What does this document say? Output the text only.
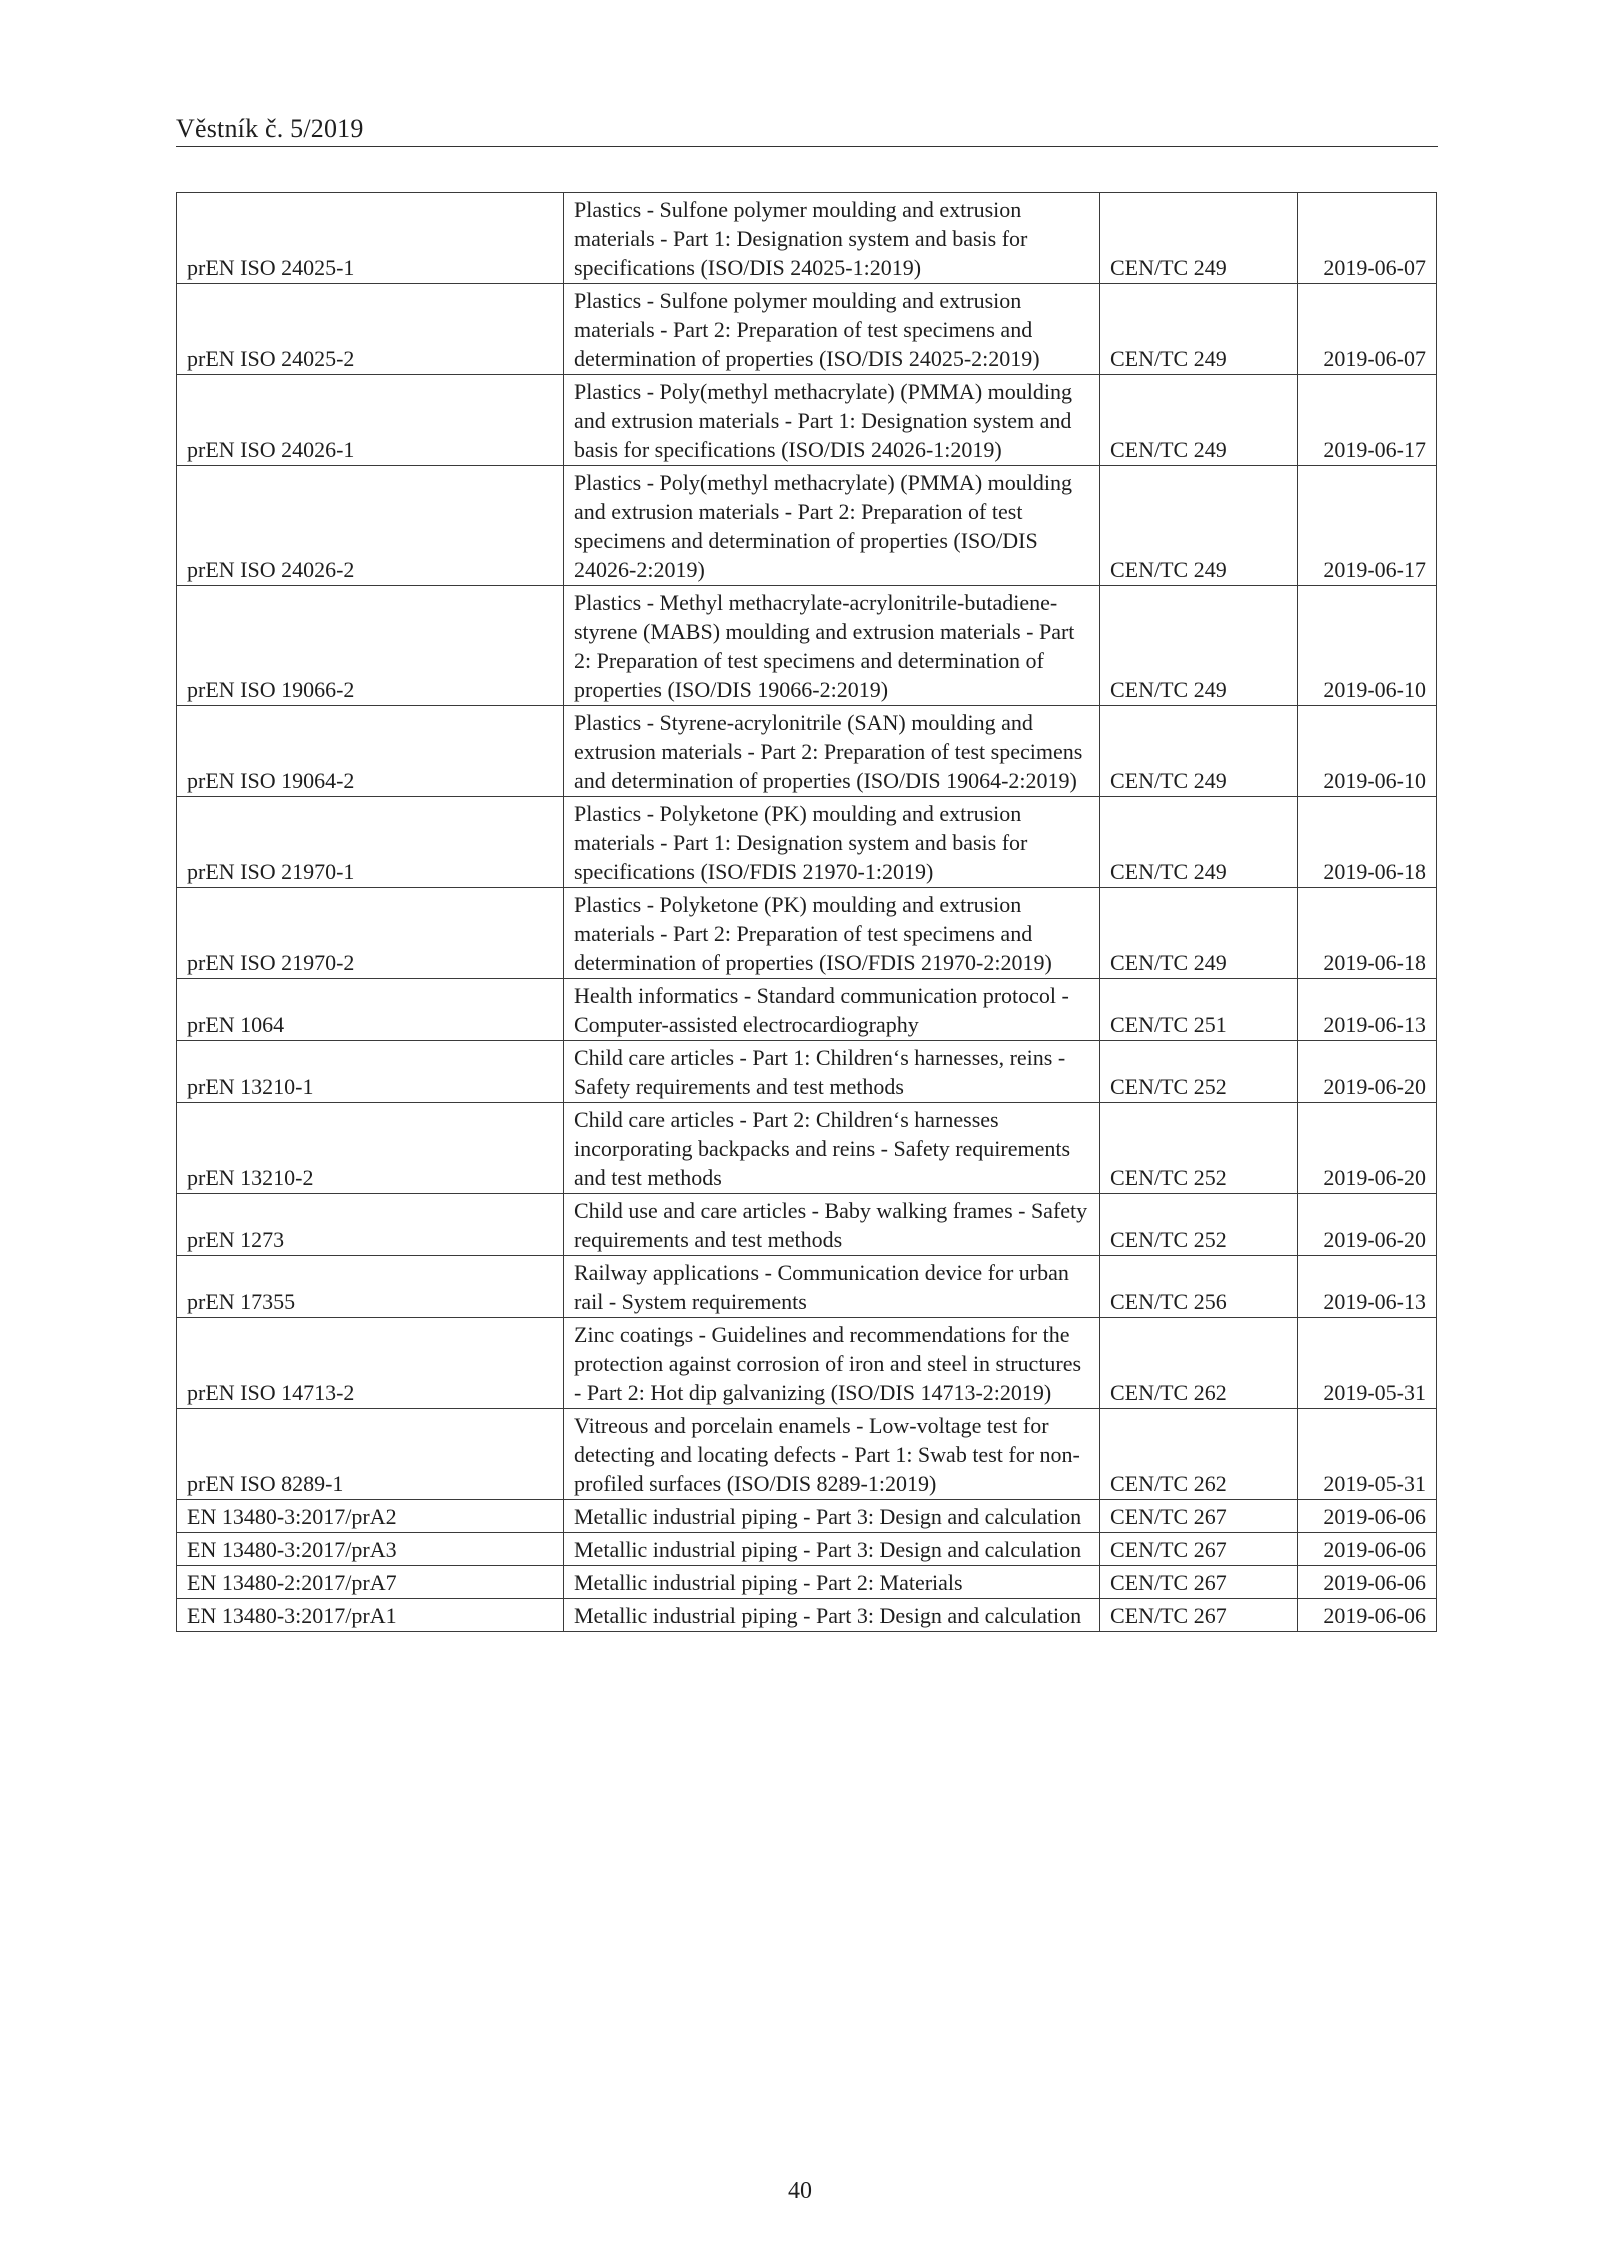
Věstník č. 5/2019
prEN ISO 24025-1	Plastics - Sulfone polymer moulding and extrusion materials - Part 1: Designation system and basis for specifications (ISO/DIS 24025-1:2019)	CEN/TC 249	2019-06-07
prEN ISO 24025-2	Plastics - Sulfone polymer moulding and extrusion materials - Part 2: Preparation of test specimens and determination of properties (ISO/DIS 24025-2:2019)	CEN/TC 249	2019-06-07
prEN ISO 24026-1	Plastics - Poly(methyl methacrylate) (PMMA) moulding and extrusion materials - Part 1: Designation system and basis for specifications (ISO/DIS 24026-1:2019)	CEN/TC 249	2019-06-17
prEN ISO 24026-2	Plastics - Poly(methyl methacrylate) (PMMA) moulding and extrusion materials - Part 2: Preparation of test specimens and determination of properties (ISO/DIS 24026-2:2019)	CEN/TC 249	2019-06-17
prEN ISO 19066-2	Plastics - Methyl methacrylate-acrylonitrile-butadiene-styrene (MABS) moulding and extrusion materials - Part 2: Preparation of test specimens and determination of properties (ISO/DIS 19066-2:2019)	CEN/TC 249	2019-06-10
prEN ISO 19064-2	Plastics - Styrene-acrylonitrile (SAN) moulding and extrusion materials - Part 2: Preparation of test specimens and determination of properties (ISO/DIS 19064-2:2019)	CEN/TC 249	2019-06-10
prEN ISO 21970-1	Plastics - Polyketone (PK) moulding and extrusion materials - Part 1: Designation system and basis for specifications (ISO/FDIS 21970-1:2019)	CEN/TC 249	2019-06-18
prEN ISO 21970-2	Plastics - Polyketone (PK) moulding and extrusion materials - Part 2: Preparation of test specimens and determination of properties (ISO/FDIS 21970-2:2019)	CEN/TC 249	2019-06-18
prEN 1064	Health informatics - Standard communication protocol - Computer-assisted electrocardiography	CEN/TC 251	2019-06-13
prEN 13210-1	Child care articles - Part 1: Children‘s harnesses, reins - Safety requirements and test methods	CEN/TC 252	2019-06-20
prEN 13210-2	Child care articles - Part 2: Children‘s harnesses incorporating backpacks and reins - Safety requirements and test methods	CEN/TC 252	2019-06-20
prEN 1273	Child use and care articles - Baby walking frames - Safety requirements and test methods	CEN/TC 252	2019-06-20
prEN 17355	Railway applications - Communication device for urban rail - System requirements	CEN/TC 256	2019-06-13
prEN ISO 14713-2	Zinc coatings - Guidelines and recommendations for the protection against corrosion of iron and steel in structures - Part 2: Hot dip galvanizing (ISO/DIS 14713-2:2019)	CEN/TC 262	2019-05-31
prEN ISO 8289-1	Vitreous and porcelain enamels - Low-voltage test for detecting and locating defects - Part 1: Swab test for non-profiled surfaces (ISO/DIS 8289-1:2019)	CEN/TC 262	2019-05-31
EN 13480-3:2017/prA2	Metallic industrial piping - Part 3: Design and calculation	CEN/TC 267	2019-06-06
EN 13480-3:2017/prA3	Metallic industrial piping - Part 3: Design and calculation	CEN/TC 267	2019-06-06
EN 13480-2:2017/prA7	Metallic industrial piping - Part 2: Materials	CEN/TC 267	2019-06-06
EN 13480-3:2017/prA1	Metallic industrial piping - Part 3: Design and calculation	CEN/TC 267	2019-06-06
40
